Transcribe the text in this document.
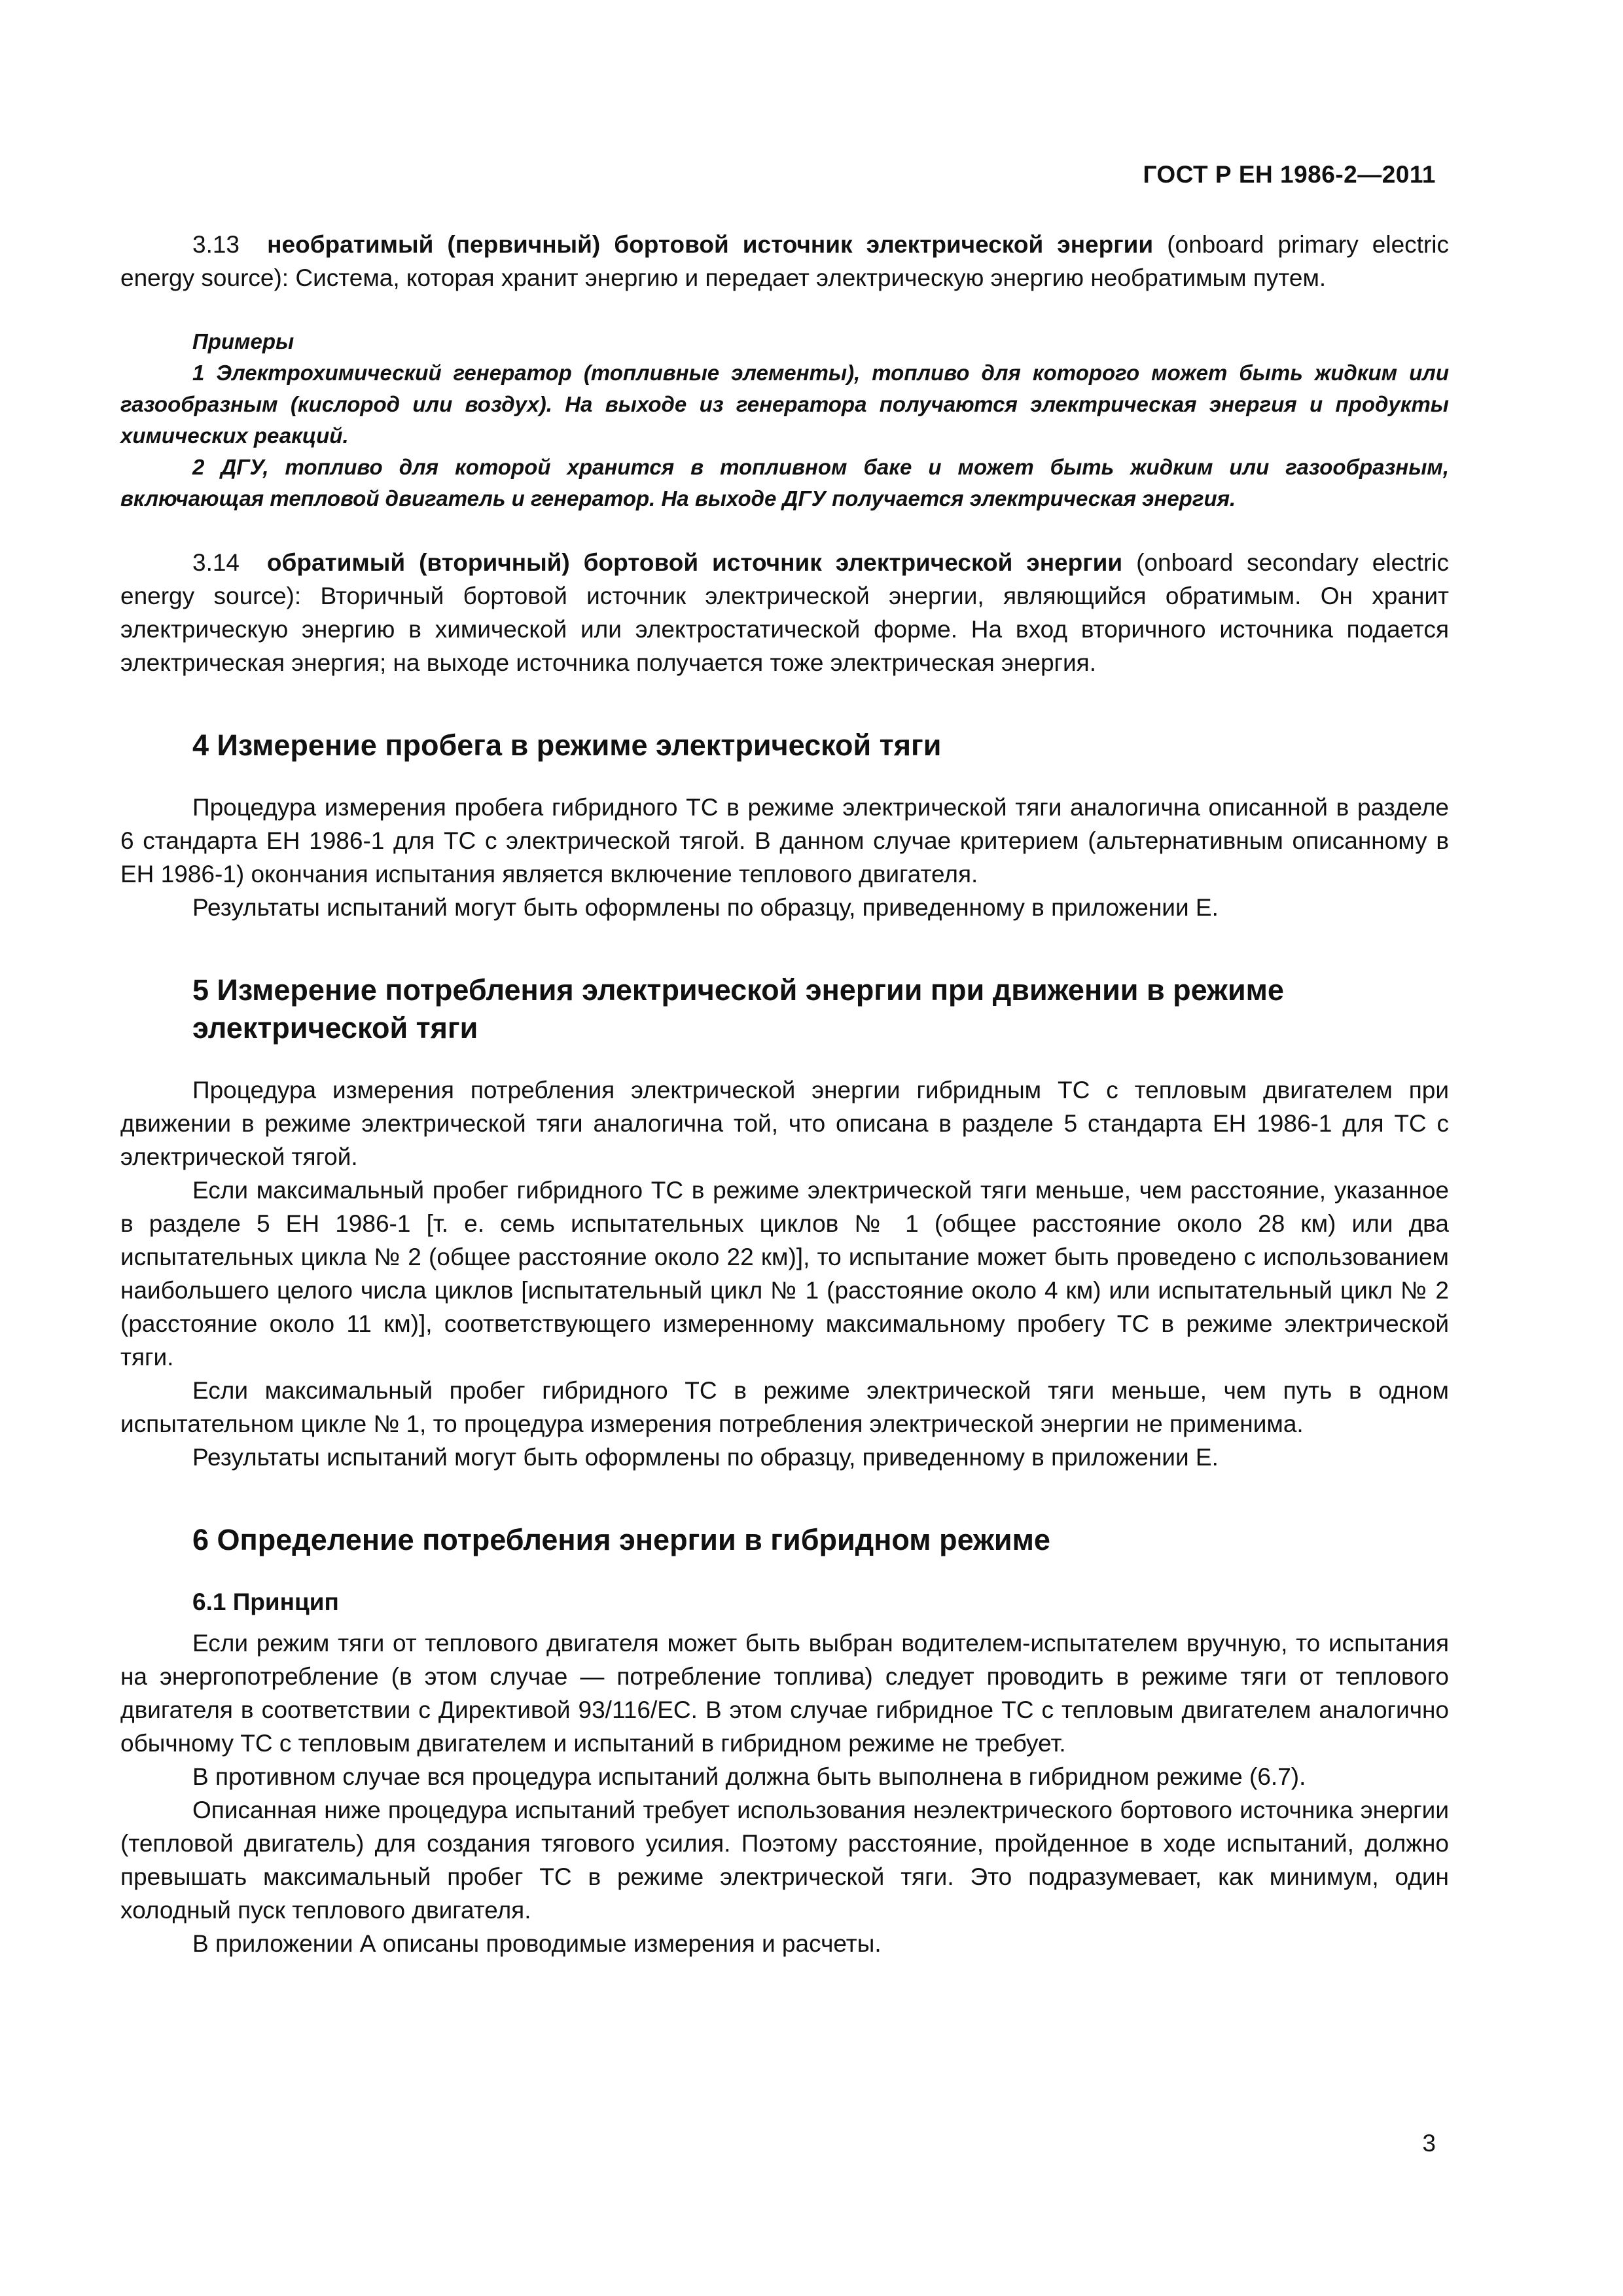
ГОСТ Р ЕН 1986-2—2011

3.13 необратимый (первичный) бортовой источник электрической энергии (onboard primary electric energy source): Система, которая хранит энергию и передает электрическую энергию необратимым путем.

Примеры

1 Электрохимический генератор (топливные элементы), топливо для которого может быть жидким или газообразным (кислород или воздух). На выходе из генератора получаются электрическая энергия и продукты химических реакций.

2 ДГУ, топливо для которой хранится в топливном баке и может быть жидким или газообразным, включающая тепловой двигатель и генератор. На выходе ДГУ получается электрическая энергия.

3.14 обратимый (вторичный) бортовой источник электрической энергии (onboard secondary electric energy source): Вторичный бортовой источник электрической энергии, являющийся обратимым. Он хранит электрическую энергию в химической или электростатической форме. На вход вторичного источника подается электрическая энергия; на выходе источника получается тоже электрическая энергия.

4 Измерение пробега в режиме электрической тяги

Процедура измерения пробега гибридного ТС в режиме электрической тяги аналогична описанной в разделе 6 стандарта ЕН 1986-1 для ТС с электрической тягой. В данном случае критерием (альтернативным описанному в ЕН 1986-1) окончания испытания является включение теплового двигателя.

Результаты испытаний могут быть оформлены по образцу, приведенному в приложении Е.

5 Измерение потребления электрической энергии при движении в режиме электрической тяги

Процедура измерения потребления электрической энергии гибридным ТС с тепловым двигателем при движении в режиме электрической тяги аналогична той, что описана в разделе 5 стандарта ЕН 1986-1 для ТС с электрической тягой.

Если максимальный пробег гибридного ТС в режиме электрической тяги меньше, чем расстояние, указанное в разделе 5 ЕН 1986-1 [т. е. семь испытательных циклов № 1 (общее расстояние около 28 км) или два испытательных цикла № 2 (общее расстояние около 22 км)], то испытание может быть проведено с использованием наибольшего целого числа циклов [испытательный цикл № 1 (расстояние около 4 км) или испытательный цикл № 2 (расстояние около 11 км)], соответствующего измеренному максимальному пробегу ТС в режиме электрической тяги.

Если максимальный пробег гибридного ТС в режиме электрической тяги меньше, чем путь в одном испытательном цикле № 1, то процедура измерения потребления электрической энергии не применима.

Результаты испытаний могут быть оформлены по образцу, приведенному в приложении Е.

6 Определение потребления энергии в гибридном режиме
6.1 Принцип

Если режим тяги от теплового двигателя может быть выбран водителем-испытателем вручную, то испытания на энергопотребление (в этом случае — потребление топлива) следует проводить в режиме тяги от теплового двигателя в соответствии с Директивой 93/116/ЕС. В этом случае гибридное ТС с тепловым двигателем аналогично обычному ТС с тепловым двигателем и испытаний в гибридном режиме не требует.

В противном случае вся процедура испытаний должна быть выполнена в гибридном режиме (6.7).

Описанная ниже процедура испытаний требует использования неэлектрического бортового источника энергии (тепловой двигатель) для создания тягового усилия. Поэтому расстояние, пройденное в ходе испытаний, должно превышать максимальный пробег ТС в режиме электрической тяги. Это подразумевает, как минимум, один холодный пуск теплового двигателя.

В приложении А описаны проводимые измерения и расчеты.

3
